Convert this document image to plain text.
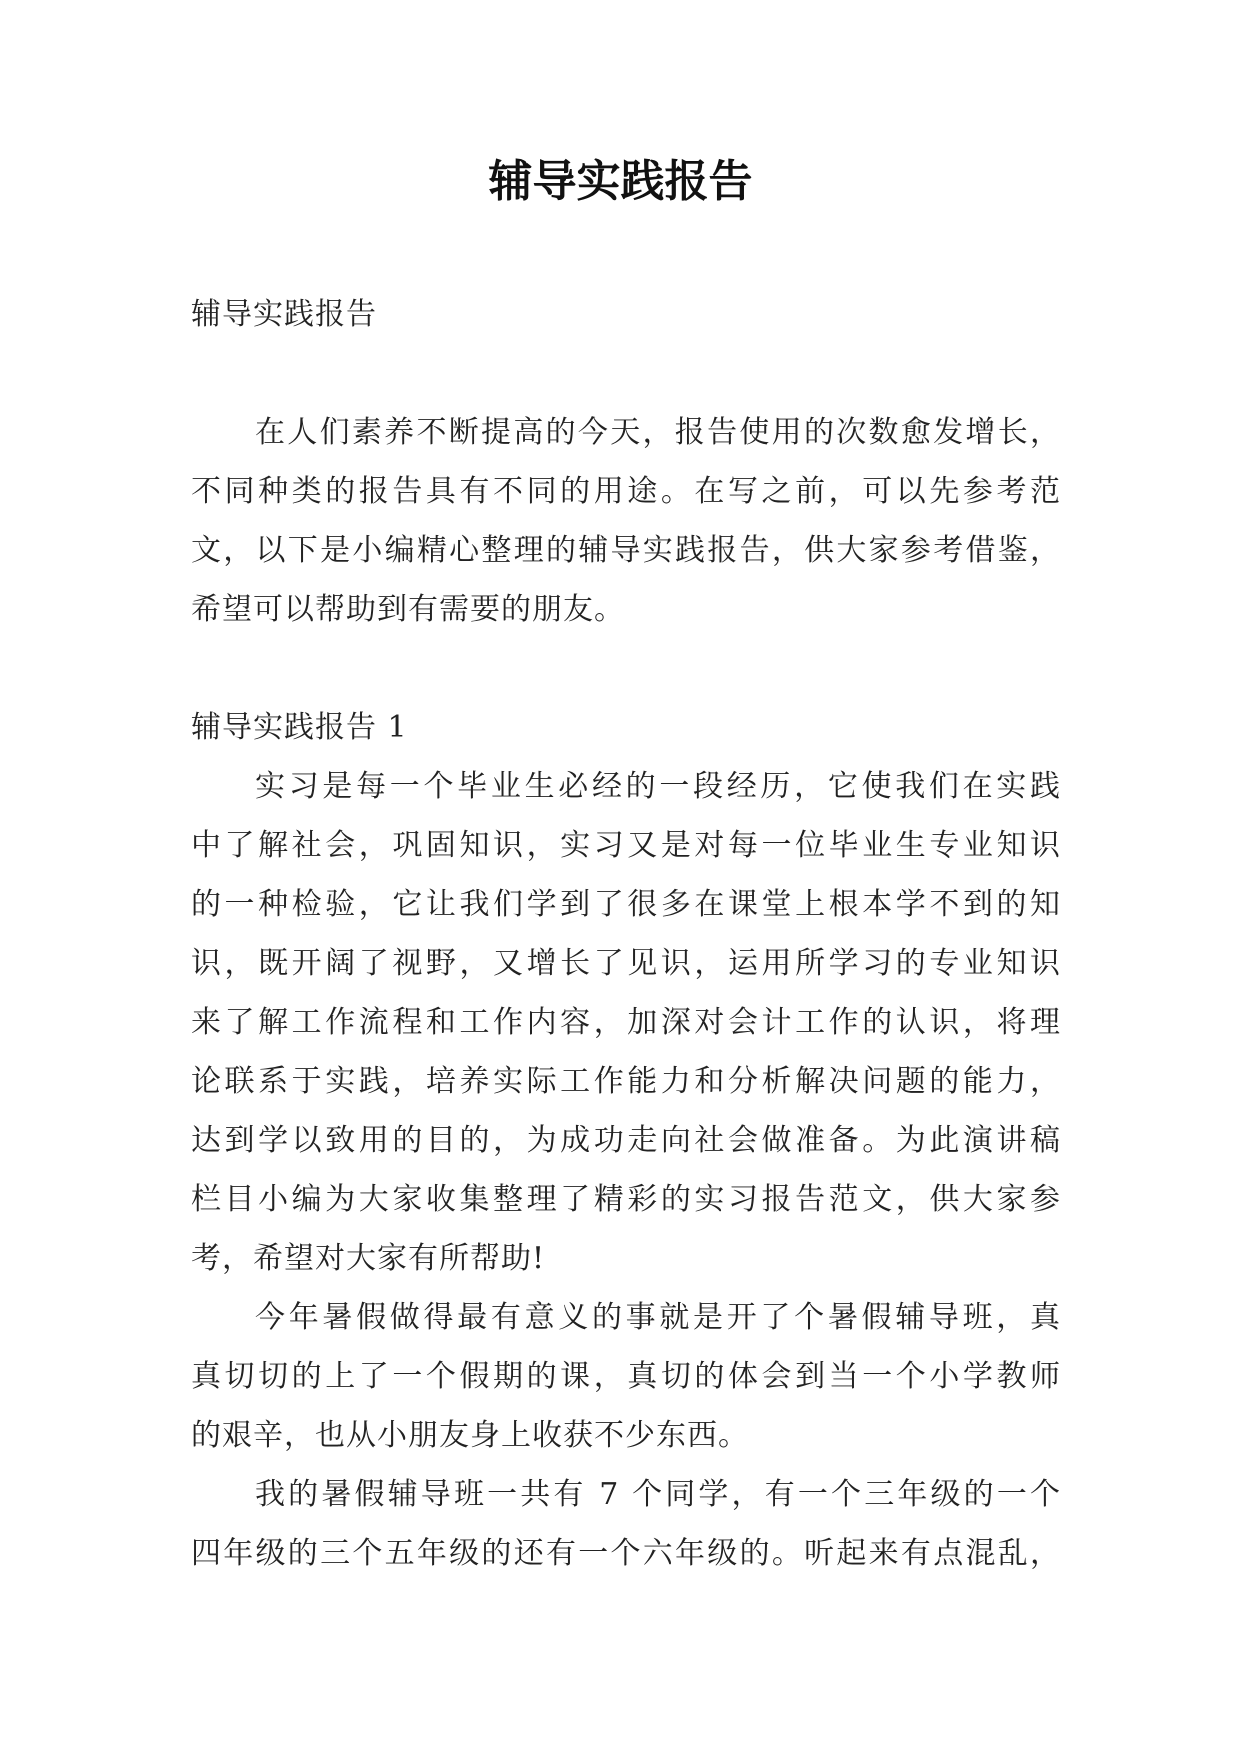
辅导实践报告
辅导实践报告
在人们素养不断提高的今天，报告使用的次数愈发增长，
不同种类的报告具有不同的用途。在写之前，可以先参考范
文，以下是小编精心整理的辅导实践报告，供大家参考借鉴，
希望可以帮助到有需要的朋友。
辅导实践报告 1
实习是每一个毕业生必经的一段经历，它使我们在实践
中了解社会，巩固知识，实习又是对每一位毕业生专业知识
的一种检验，它让我们学到了很多在课堂上根本学不到的知
识，既开阔了视野，又增长了见识，运用所学习的专业知识
来了解工作流程和工作内容，加深对会计工作的认识，将理
论联系于实践，培养实际工作能力和分析解决问题的能力，
达到学以致用的目的，为成功走向社会做准备。为此演讲稿
栏目小编为大家收集整理了精彩的实习报告范文，供大家参
考，希望对大家有所帮助!
今年暑假做得最有意义的事就是开了个暑假辅导班，真
真切切的上了一个假期的课，真切的体会到当一个小学教师
的艰辛，也从小朋友身上收获不少东西。
我的暑假辅导班一共有 7 个同学，有一个三年级的一个
四年级的三个五年级的还有一个六年级的。听起来有点混乱，
